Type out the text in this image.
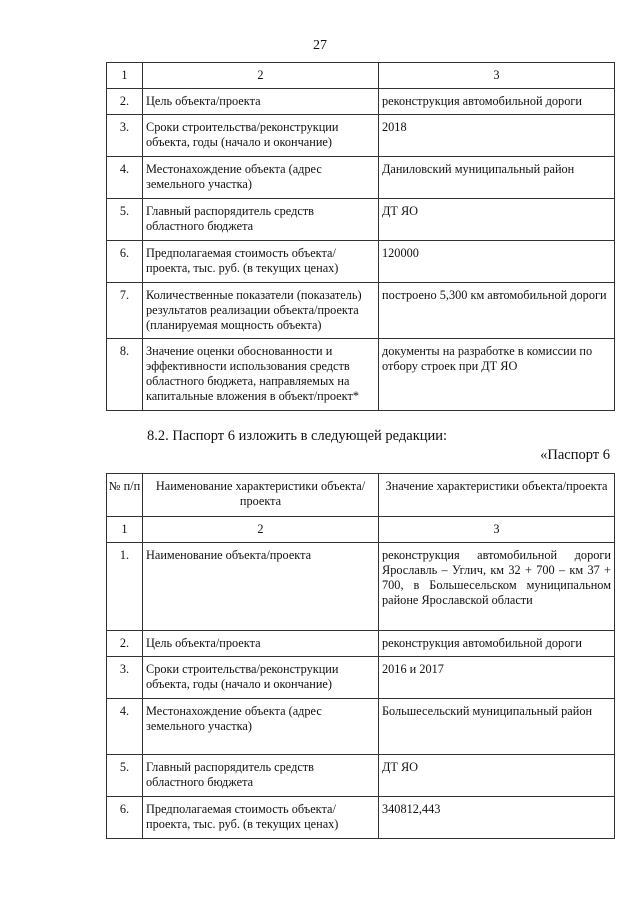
27
1	2	3
2.	Цель объекта/проекта	реконструкция автомобильной дороги
3.	Сроки строительства/реконструкции объекта, годы (начало и окончание)	2018
4.	Местонахождение объекта (адрес земельного участка)	Даниловский муниципальный район
5.	Главный распорядитель средств областного бюджета	ДТ ЯО
6.	Предполагаемая стоимость объекта/проекта, тыс. руб. (в текущих ценах)	120000
7.	Количественные показатели (показатель) результатов реализации объекта/проекта (планируемая мощность объекта)	построено 5,300 км автомобильной дороги
8.	Значение оценки обоснованности и эффективности использования средств областного бюджета, направляемых на капитальные вложения в объект/проект*	документы на разработке в комиссии по отбору строек при ДТ ЯО
8.2. Паспорт 6 изложить в следующей редакции:
«Паспорт 6
№ п/п	Наименование характеристики объекта/проекта	Значение характеристики объекта/проекта
1	2	3
1.	Наименование объекта/проекта	реконструкция автомобильной дороги Ярославль – Углич, км 32 + 700 – км 37 + 700, в Большесельском муниципальном районе Ярославской области
2.	Цель объекта/проекта	реконструкция автомобильной дороги
3.	Сроки строительства/реконструкции объекта, годы (начало и окончание)	2016 и 2017
4.	Местонахождение объекта (адрес земельного участка)	Большесельский муниципальный район
5.	Главный распорядитель средств областного бюджета	ДТ ЯО
6.	Предполагаемая стоимость объекта/проекта, тыс. руб. (в текущих ценах)	340812,443
